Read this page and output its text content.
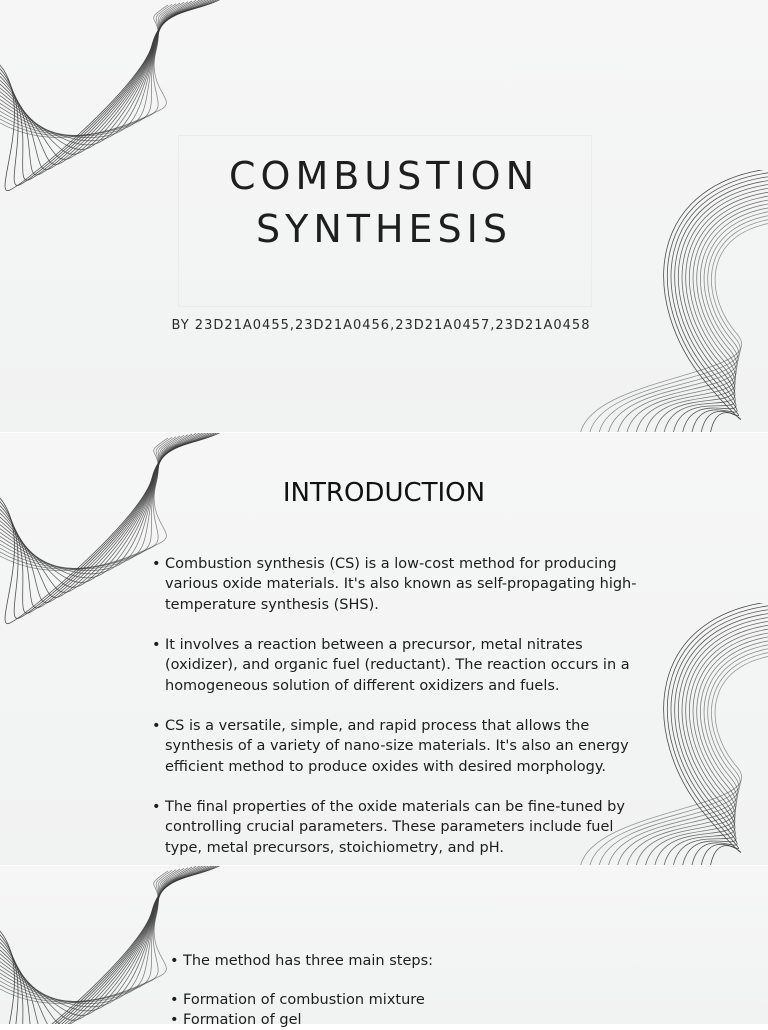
COMBUSTION
SYNTHESIS
BY 23D21A0455,23D21A0456,23D21A0457,23D21A0458
INTRODUCTION
• Combustion synthesis (CS) is a low-cost method for producing
various oxide materials. It's also known as self-propagating high-
temperature synthesis (SHS).
• It involves a reaction between a precursor, metal nitrates
(oxidizer), and organic fuel (reductant). The reaction occurs in a
homogeneous solution of different oxidizers and fuels.
• CS is a versatile, simple, and rapid process that allows the
synthesis of a variety of nano-size materials. It's also an energy
efficient method to produce oxides with desired morphology.
• The final properties of the oxide materials can be fine-tuned by
controlling crucial parameters. These parameters include fuel
type, metal precursors, stoichiometry, and pH.
• The method has three main steps:
• Formation of combustion mixture
• Formation of gel
